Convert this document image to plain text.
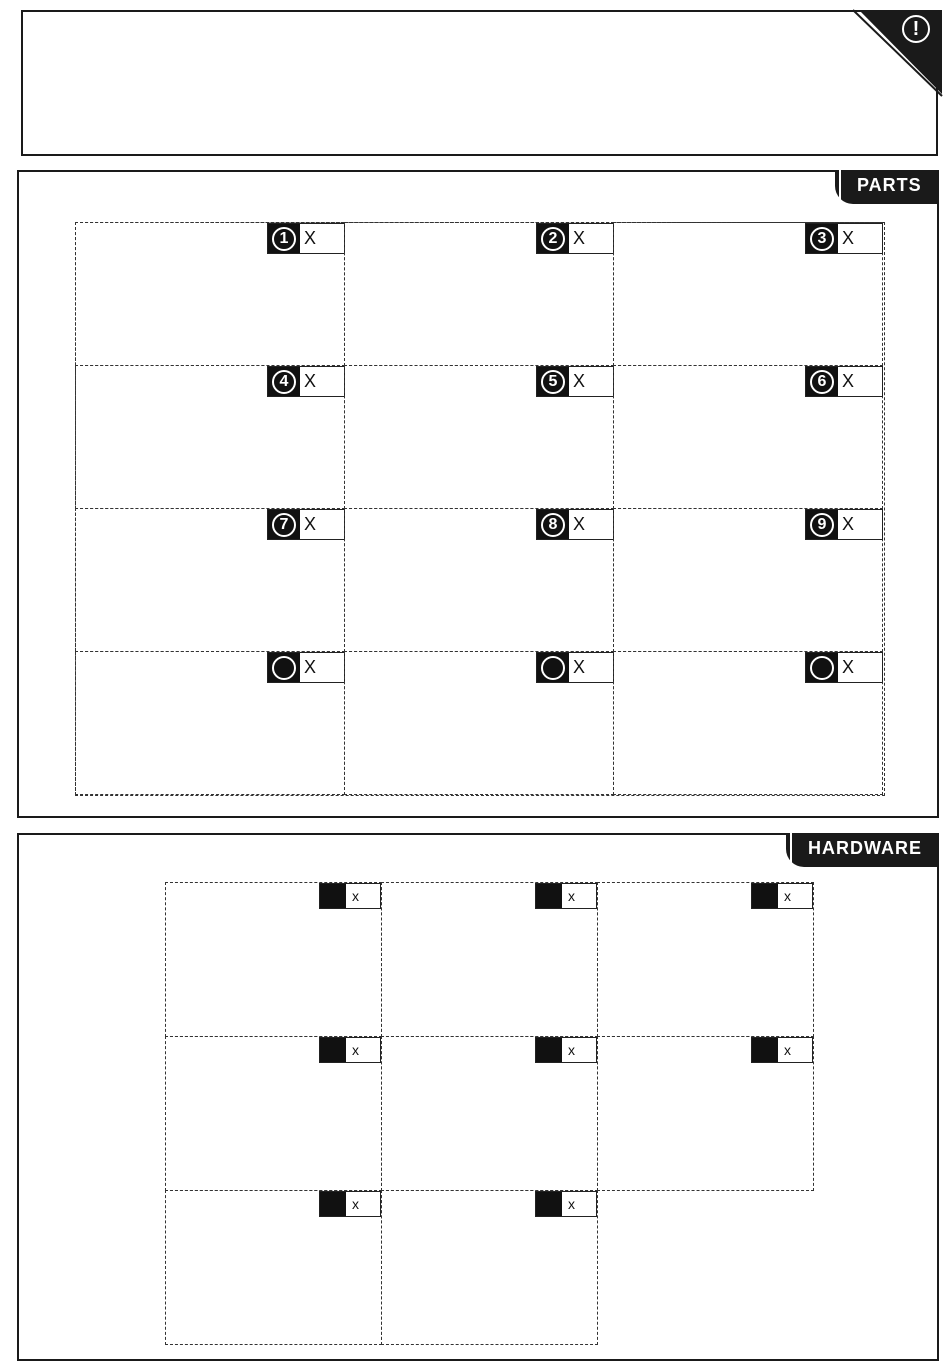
!
PARTS
1 X	2 X	3 X
4 X	5 X	6 X
7 X	8 X	9 X
X	X	X
HARDWARE
x	x	x
x	x	x
x	x
